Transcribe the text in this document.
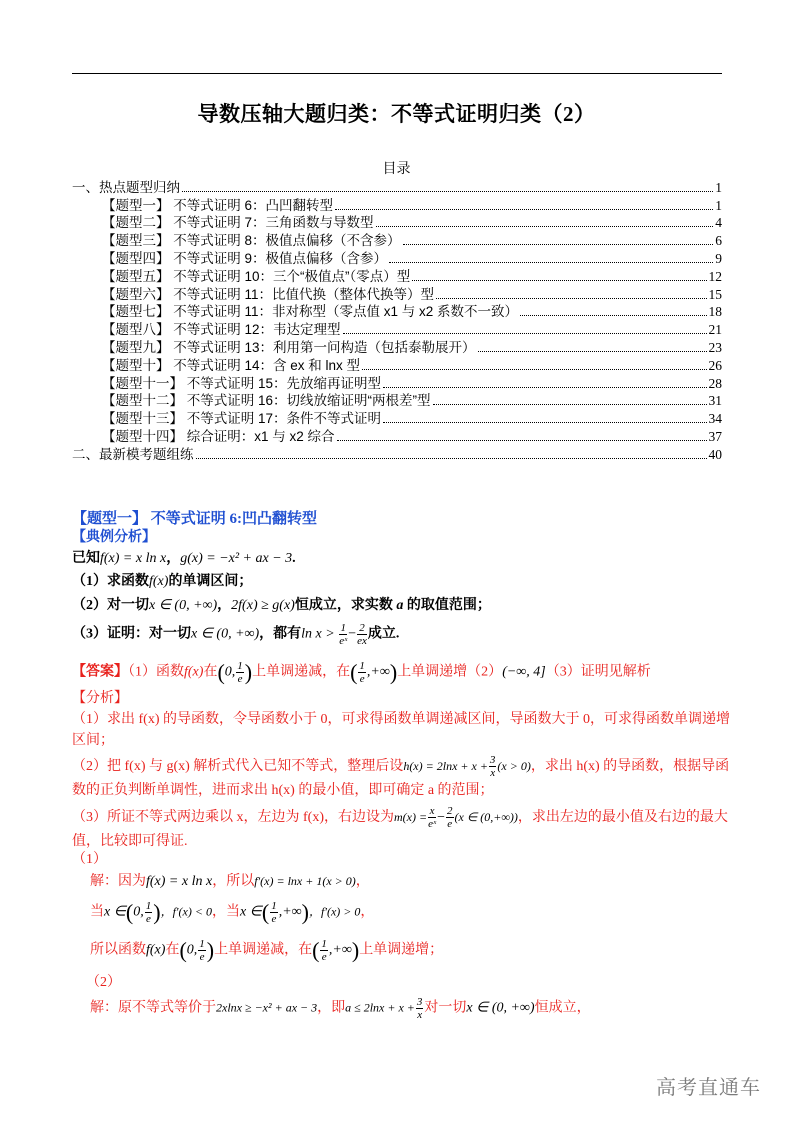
导数压轴大题归类：不等式证明归类（2）
目录
一、热点题型归纳	1
【题型一】 不等式证明 6：凸凹翻转型	1
【题型二】 不等式证明 7：三角函数与导数型	4
【题型三】 不等式证明 8：极值点偏移（不含参）	6
【题型四】 不等式证明 9：极值点偏移（含参）	9
【题型五】 不等式证明 10：三个“极值点”（零点）型	12
【题型六】 不等式证明 11：比值代换（整体代换等）型	15
【题型七】 不等式证明 11：非对称型（零点值 x1 与 x2 系数不一致）	18
【题型八】 不等式证明 12：韦达定理型	21
【题型九】 不等式证明 13：利用第一问构造（包括泰勒展开）	23
【题型十】 不等式证明 14：含 ex 和 lnx 型	26
【题型十一】 不等式证明 15：先放缩再证明型	28
【题型十二】 不等式证明 16：切线放缩证明“两根差”型	31
【题型十三】 不等式证明 17：条件不等式证明	34
【题型十四】 综合证明：x1 与 x2 综合	37
二、最新模考题组练	40
【题型一】 不等式证明 6:凹凸翻转型
【典例分析】
已知f(x) = x ln x，g(x) = −x² + ax − 3.
（1）求函数f(x)的单调区间；
（2）对一切x ∈ (0, +∞)，2f(x) ≥ g(x)恒成立，求实数 a 的取值范围；
（3）证明：对一切x ∈ (0, +∞)，都有$\ln x > \frac{1}{\text{eˣ}} - \frac{2}{ex}$ 成立.
【答案】（1）函数f(x)在(0, $\frac{1}{e}$ )上单调递减，在( $\frac{1}{e}$ ,+∞)上单调递增（2）(−∞, 4]（3）证明见解析
【分析】
（1）求出 f(x) 的导函数，令导函数小于 0，可求得函数单调递减区间，导函数大于 0，可求得函数单调递增区间；
（2）把 f(x) 与 g(x) 解析式代入已知不等式，整理后设$h(x) = 2\ln x + x + \frac{3}{x} (x > 0)$，求出 h(x) 的导函数，根据导函数的正负判断单调性，进而求出 h(x) 的最小值，即可确定 a 的范围；
（3）所证不等式两边乘以 x，左边为 f(x)，右边设为$m(x) = \frac{x}{\text{eˣ}} - \frac{2}{e} (x$ ∈ (0,+∞))，求出左边的最小值及右边的最大值，比较即可得证.
（1）
解：因为f(x) = x ln x，所以f′(x) = lnx + 1(x > 0)，
当x ∈(0, $\frac{1}{e}$ )，f′(x) < 0，当x ∈( $\frac{1}{e}$ ,+∞)，f′(x) > 0，
所以函数f(x)在(0, $\frac{1}{e}$ )上单调递减，在( $\frac{1}{e}$ ,+∞)上单调递增；
（2）
解：原不等式等价于2xlnx ≥ −x² + ax − 3，即$a \le 2\ln x + x + \frac{3}{x}$ 对一切x ∈ (0, +∞)恒成立，
高考直通车
